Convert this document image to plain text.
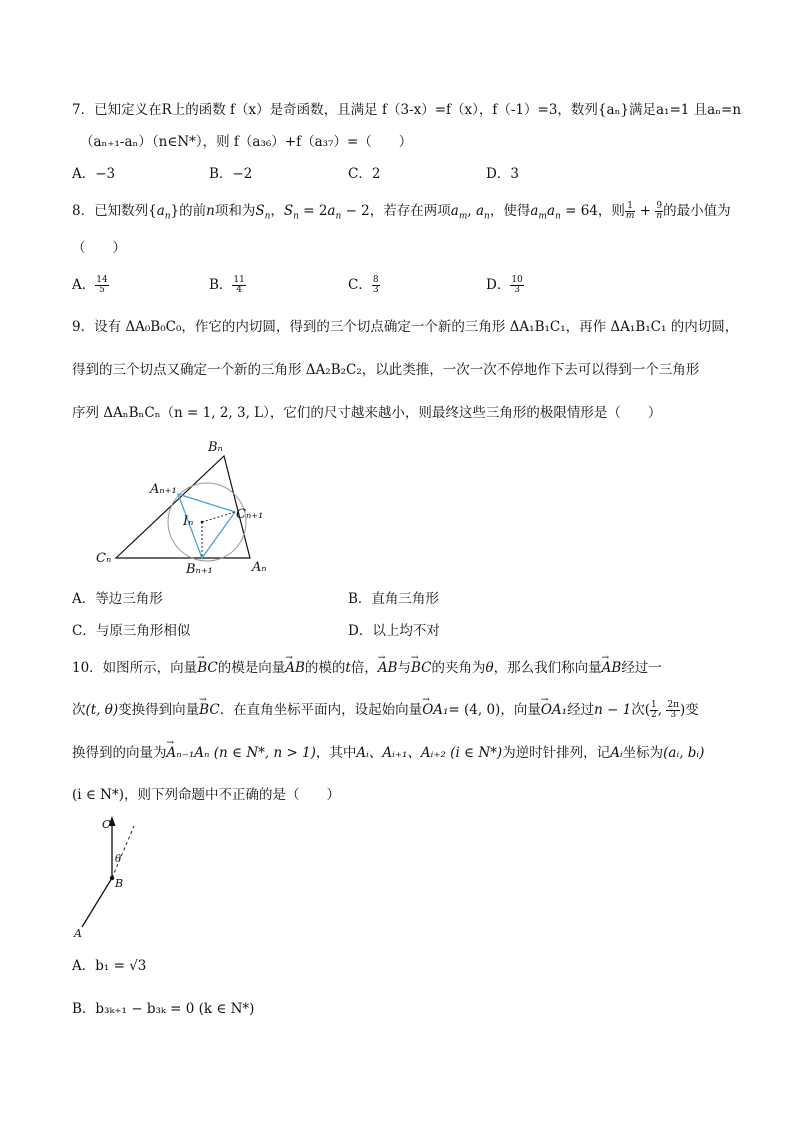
7．已知定义在R上的函数 f（x）是奇函数，且满足 f（3-x）=f（x），f（-1）=3，数列{aₙ}满足a₁=1 且aₙ=n
（aₙ₊₁-aₙ）（n∈N*），则 f（a₃₆）+f（a₃₇）=（　　）
A．−3	B．−2	C．2	D．3
8．已知数列$\{a_n\}$的前n项和为$S_n$，$S_n = 2a_n - 2$，若存在两项$a_m$, $a_n$，使得$a_ma_n = 64$，则 $\frac{1}{m} + \frac{9}{n}$ 的最小值为
（　　）
A． $\frac{14}{5}$	B． $\frac{11}{4}$	C． $\frac{8}{3}$	D． $\frac{10}{3}$
9．设有 ΔA₀B₀C₀，作它的内切圆，得到的三个切点确定一个新的三角形 ΔA₁B₁C₁，再作 ΔA₁B₁C₁ 的内切圆，
得到的三个切点又确定一个新的三角形 ΔA₂B₂C₂，以此类推，一次一次不停地作下去可以得到一个三角形
序列 ΔAₙBₙCₙ（n = 1, 2, 3, L），它们的尺寸越来越小，则最终这些三角形的极限情形是（　　）
Bₙ
Aₙ₊₁
Iₙ	Cₙ₊₁
Cₙ
Bₙ₊₁	Aₙ
A．等边三角形	B．直角三角形
C．与原三角形相似	D．以上均不对
10．如图所示，向量→ BC的模是向量→ AB的模的t倍，→ AB与→ BC的夹角为θ，那么我们称向量→ AB经过一
次(t, θ)变换得到向量→ BC．在直角坐标平面内，设起始向量→ OA₁= (4, 0)，向量→ OA₁经过n − 1次( $\frac{1}{2}$ , $\frac{2\pi}{3}$ )变
换得到的向量为→ Aₙ₋₁Aₙ (n ∈ N*, n > 1)，其中Aᵢ、Aᵢ₊₁、Aᵢ₊₂ (i ∈ N*)为逆时针排列，记Aᵢ坐标为(aᵢ, bᵢ)
(i ∈ N*)，则下列命题中不正确的是（　　）
C
θ
B
A
A．b₁ = √3
B．b₃ₖ₊₁ − b₃ₖ = 0 (k ∈ N*)
